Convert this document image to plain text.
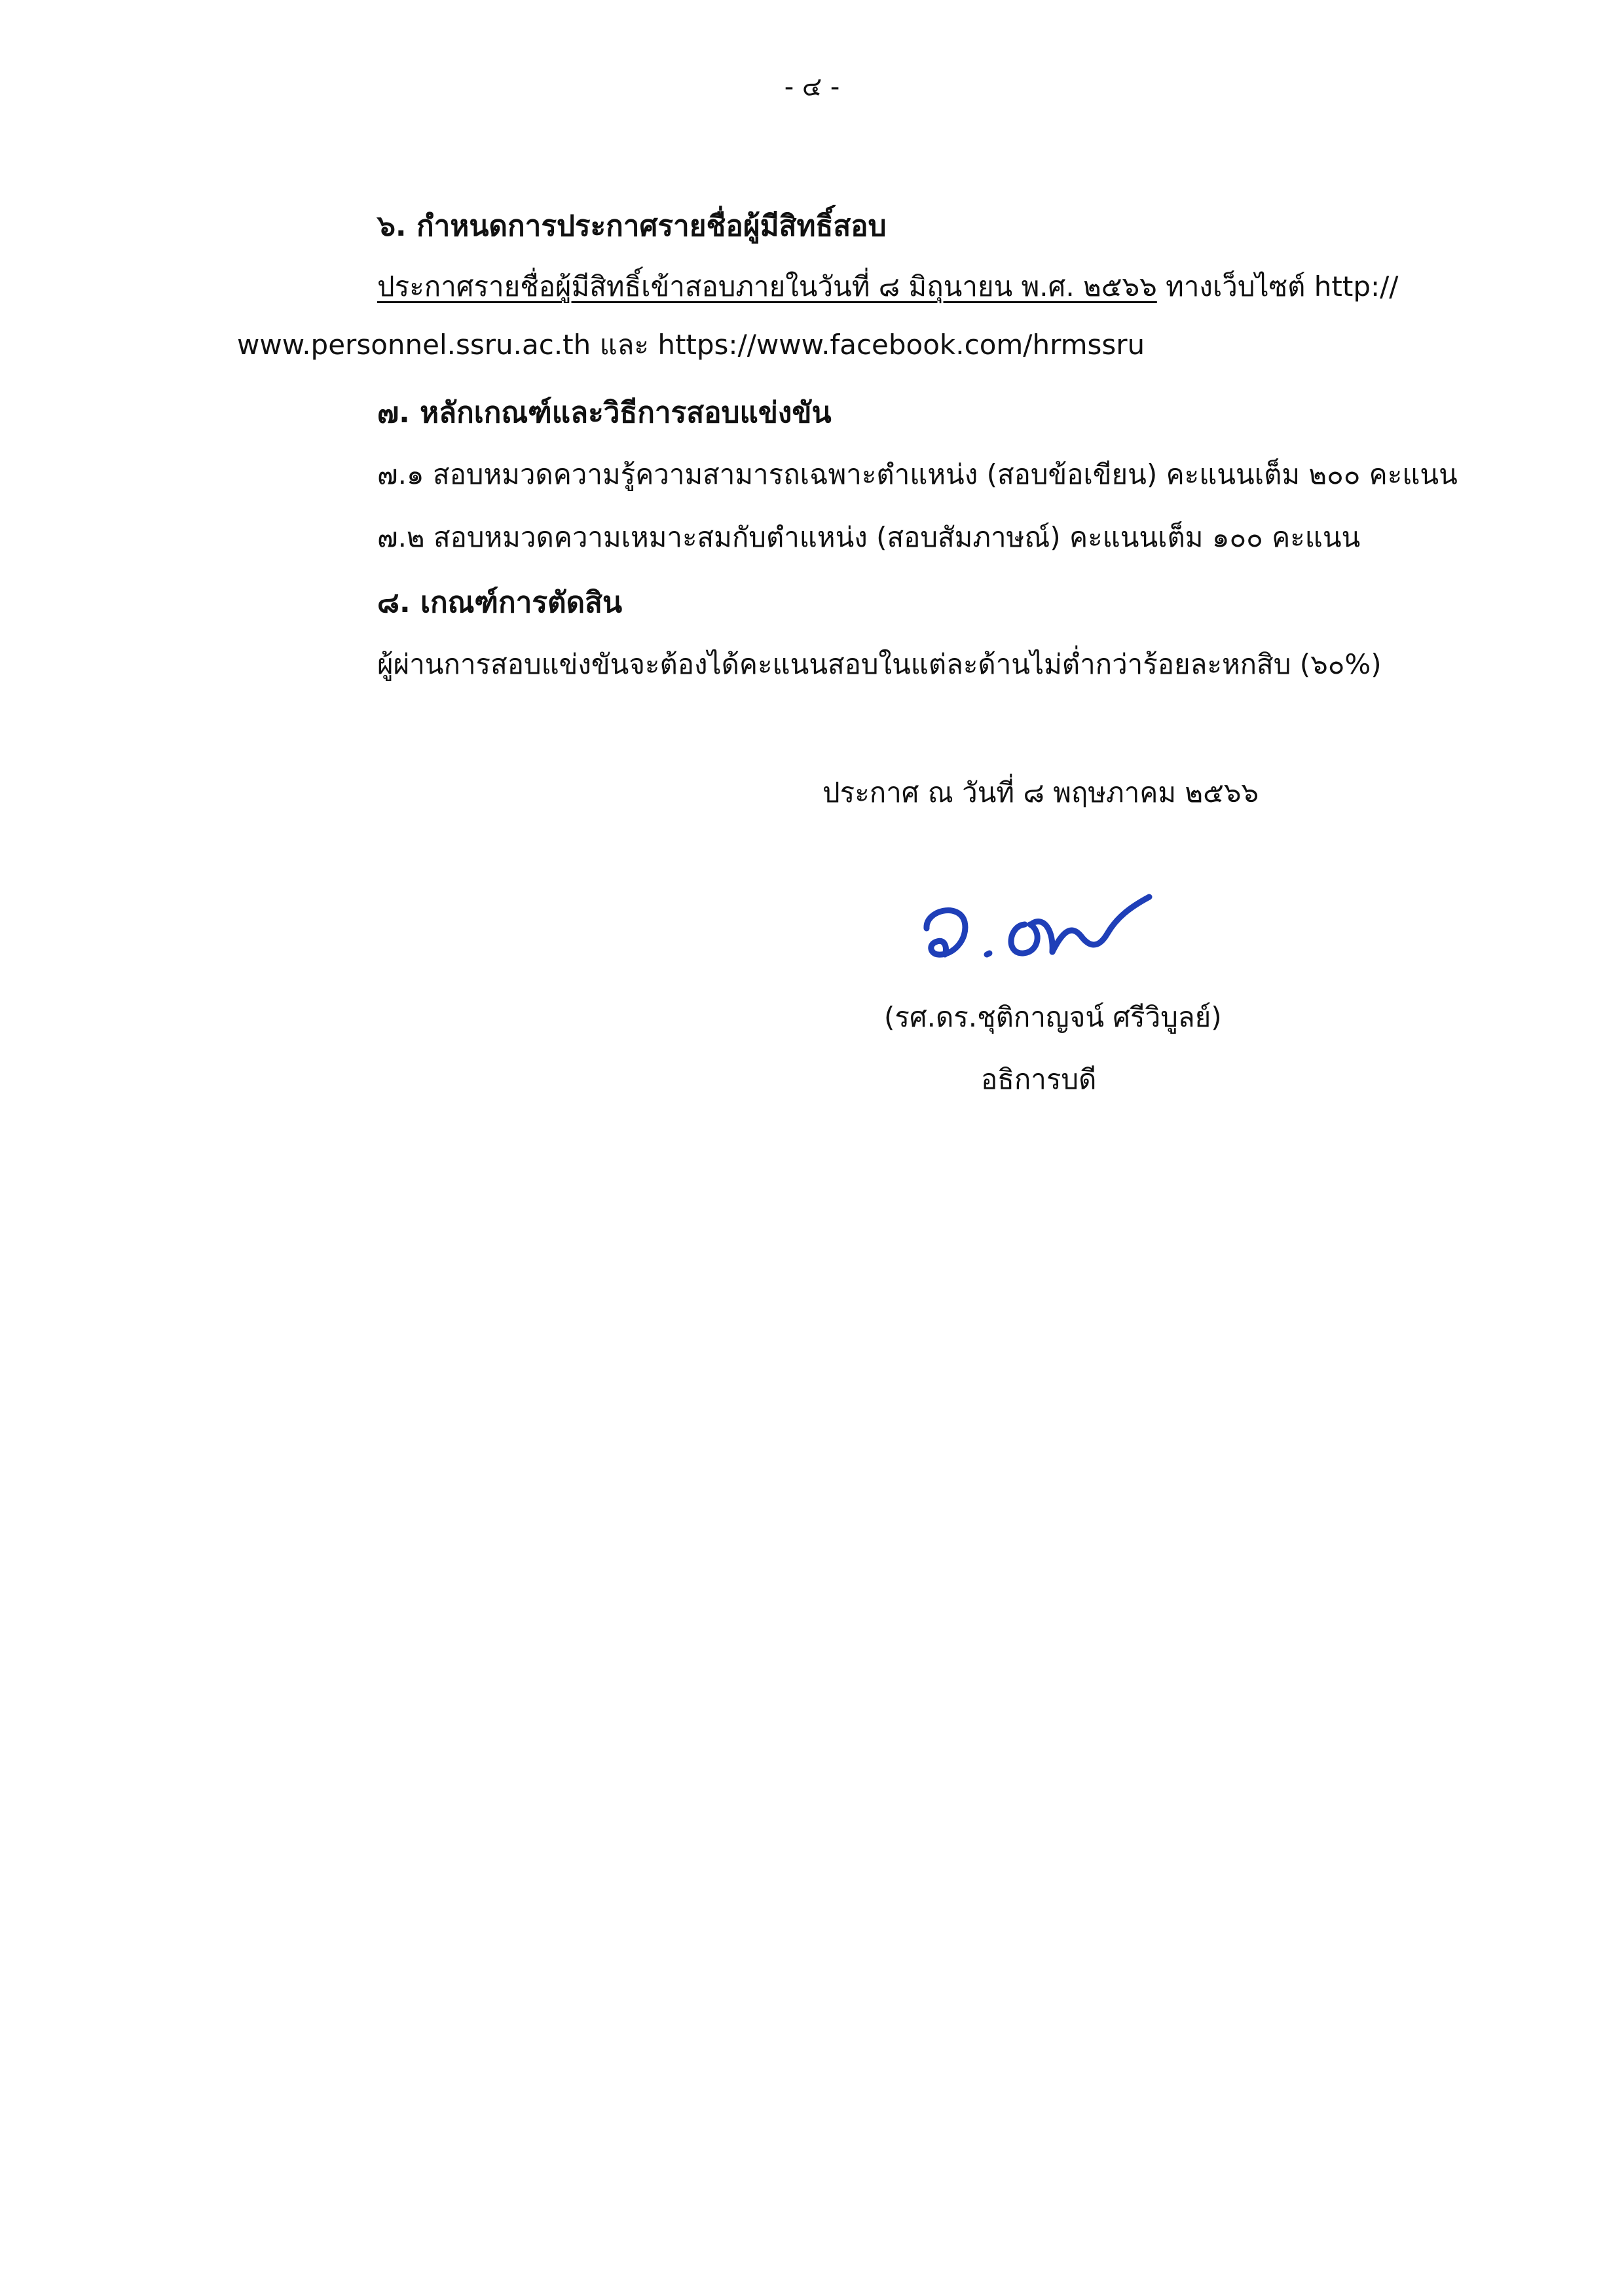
- ๔ -
๖. กำหนดการประกาศรายชื่อผู้มีสิทธิ์สอบ
ประกาศรายชื่อผู้มีสิทธิ์เข้าสอบภายในวันที่ ๘ มิถุนายน พ.ศ. ๒๕๖๖ ทางเว็บไซต์ http://
www.personnel.ssru.ac.th และ https://www.facebook.com/hrmssru
๗. หลักเกณฑ์และวิธีการสอบแข่งขัน
๗.๑ สอบหมวดความรู้ความสามารถเฉพาะตำแหน่ง (สอบข้อเขียน) คะแนนเต็ม ๒๐๐ คะแนน
๗.๒ สอบหมวดความเหมาะสมกับตำแหน่ง (สอบสัมภาษณ์) คะแนนเต็ม ๑๐๐ คะแนน
๘. เกณฑ์การตัดสิน
ผู้ผ่านการสอบแข่งขันจะต้องได้คะแนนสอบในแต่ละด้านไม่ต่ำกว่าร้อยละหกสิบ (๖๐%)
ประกาศ ณ วันที่ ๘ พฤษภาคม ๒๕๖๖
(รศ.ดร.ชุติกาญจน์ ศรีวิบูลย์)
อธิการบดี
